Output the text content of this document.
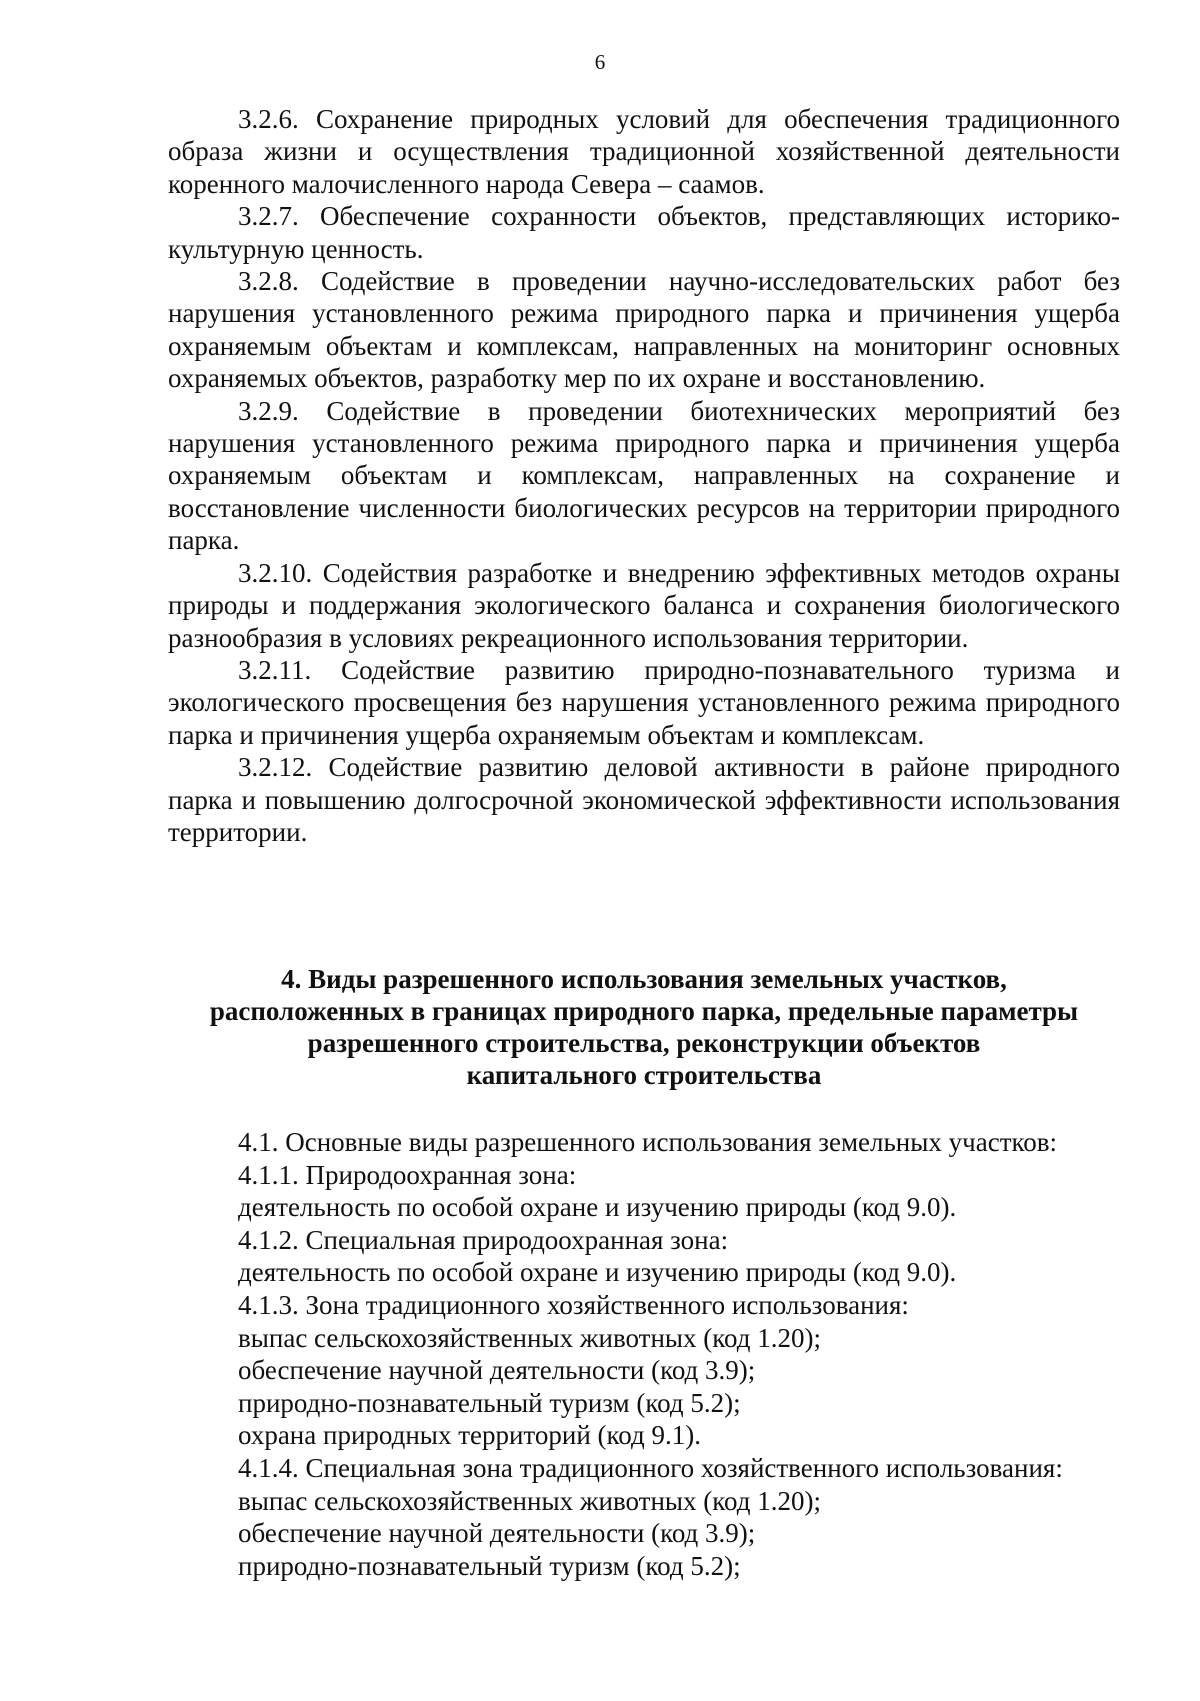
6

3.2.6. Сохранение природных условий для обеспечения традиционного образа жизни и осуществления традиционной хозяйственной деятельности коренного малочисленного народа Севера – саамов.

3.2.7. Обеспечение сохранности объектов, представляющих историко-культурную ценность.

3.2.8. Содействие в проведении научно-исследовательских работ без нарушения установленного режима природного парка и причинения ущерба охраняемым объектам и комплексам, направленных на мониторинг основных охраняемых объектов, разработку мер по их охране и восстановлению.

3.2.9. Содействие в проведении биотехнических мероприятий без нарушения установленного режима природного парка и причинения ущерба охраняемым объектам и комплексам, направленных на сохранение и восстановление численности биологических ресурсов на территории природного парка.

3.2.10. Содействия разработке и внедрению эффективных методов охраны природы и поддержания экологического баланса и сохранения биологического разнообразия в условиях рекреационного использования территории.

3.2.11. Содействие развитию природно-познавательного туризма и экологического просвещения без нарушения установленного режима природного парка и причинения ущерба охраняемым объектам и комплексам.

3.2.12. Содействие развитию деловой активности в районе природного парка и повышению долгосрочной экономической эффективности использования территории.

4. Виды разрешенного использования земельных участков,
расположенных в границах природного парка, предельные параметры
разрешенного строительства, реконструкции объектов
капитального строительства

4.1. Основные виды разрешенного использования земельных участков:

4.1.1. Природоохранная зона:

деятельность по особой охране и изучению природы (код 9.0).

4.1.2. Специальная природоохранная зона:

деятельность по особой охране и изучению природы (код 9.0).

4.1.3. Зона традиционного хозяйственного использования:

выпас сельскохозяйственных животных (код 1.20);

обеспечение научной деятельности (код 3.9);

природно-познавательный туризм (код 5.2);

охрана природных территорий (код 9.1).

4.1.4. Специальная зона традиционного хозяйственного использования:

выпас сельскохозяйственных животных (код 1.20);

обеспечение научной деятельности (код 3.9);

природно-познавательный туризм (код 5.2);
